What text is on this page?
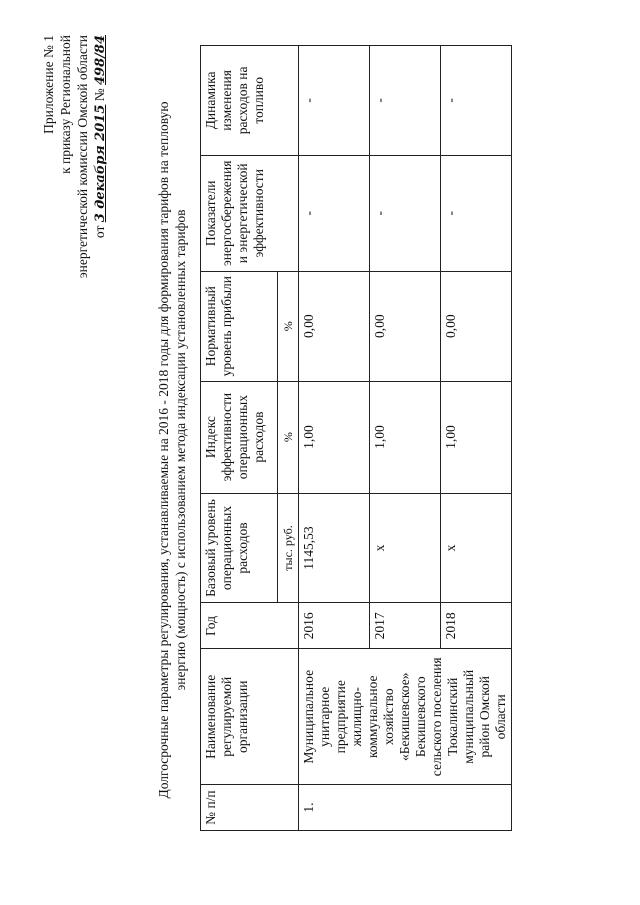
Приложение № 1 к приказу Региональной энергетической комиссии Омской области от 3 декабря 2015 № 498/84
Долгосрочные параметры регулирования, устанавливаемые на 2016 - 2018 годы для формирования тарифов на тепловую энергию (мощность) с использованием метода индексации установленных тарифов
№ п/п	Наименование регулируемой организации	Год	Базовый уровень операционных расходов	Индекс эффективности операционных расходов	Нормативный уровень прибыли	Показатели энергосбережения и энергетической эффективности	Динамика изменения расходов на топливо
			тыс. руб.	%	%		
1.	Муниципальное унитарное предприятие жилищно-коммунальное хозяйство «Бекишевское» Бекишевского сельского поселения Тюкалинский муниципальный район Омской области	2016	1145,53	1,00	0,00	-	-
		2017	x	1,00	0,00	-	-
		2018	x	1,00	0,00	-	-
